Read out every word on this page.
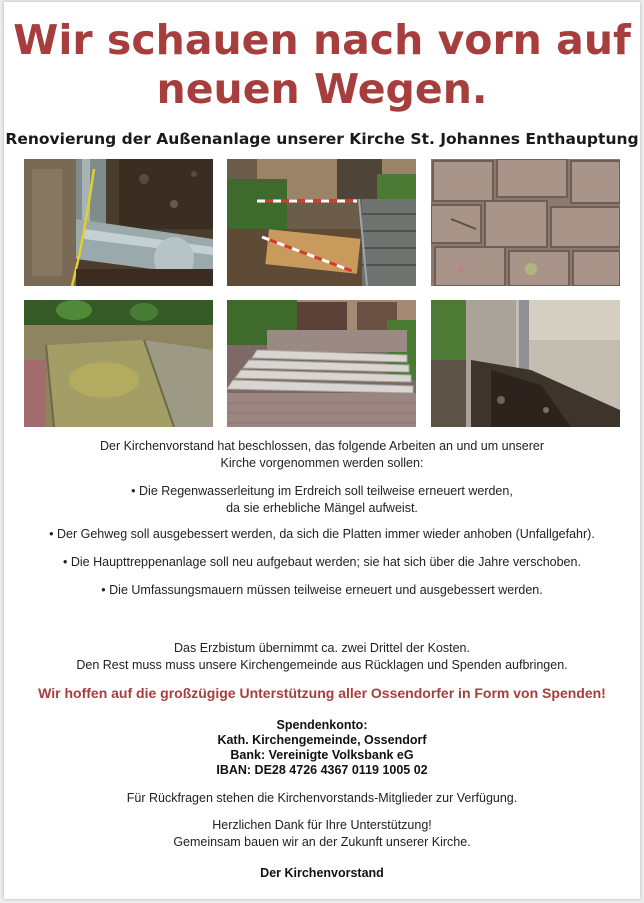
Wir schauen nach vorn auf
neuen Wegen.

Renovierung der Außenanlage unserer Kirche St. Johannes Enthauptung

Der Kirchenvorstand hat beschlossen, das folgende Arbeiten an und um unserer
Kirche vorgenommen werden sollen:

• Die Regenwasserleitung im Erdreich soll teilweise erneuert werden,
da sie erhebliche Mängel aufweist.

• Der Gehweg soll ausgebessert werden, da sich die Platten immer wieder anhoben (Unfallgefahr).

• Die Haupttreppenanlage soll neu aufgebaut werden; sie hat sich über die Jahre verschoben.

• Die Umfassungsmauern müssen teilweise erneuert und ausgebessert werden.

Das Erzbistum übernimmt ca. zwei Drittel der Kosten.
Den Rest muss muss unsere Kirchengemeinde aus Rücklagen und Spenden aufbringen.

Wir hoffen auf die großzügige Unterstützung aller Ossendorfer in Form von Spenden!

Spendenkonto:
Kath. Kirchengemeinde, Ossendorf
Bank: Vereinigte Volksbank eG
IBAN: DE28 4726 4367 0119 1005 02

Für Rückfragen stehen die Kirchenvorstands-Mitglieder zur Verfügung.

Herzlichen Dank für Ihre Unterstützung!
Gemeinsam bauen wir an der Zukunft unserer Kirche.

Der Kirchenvorstand
